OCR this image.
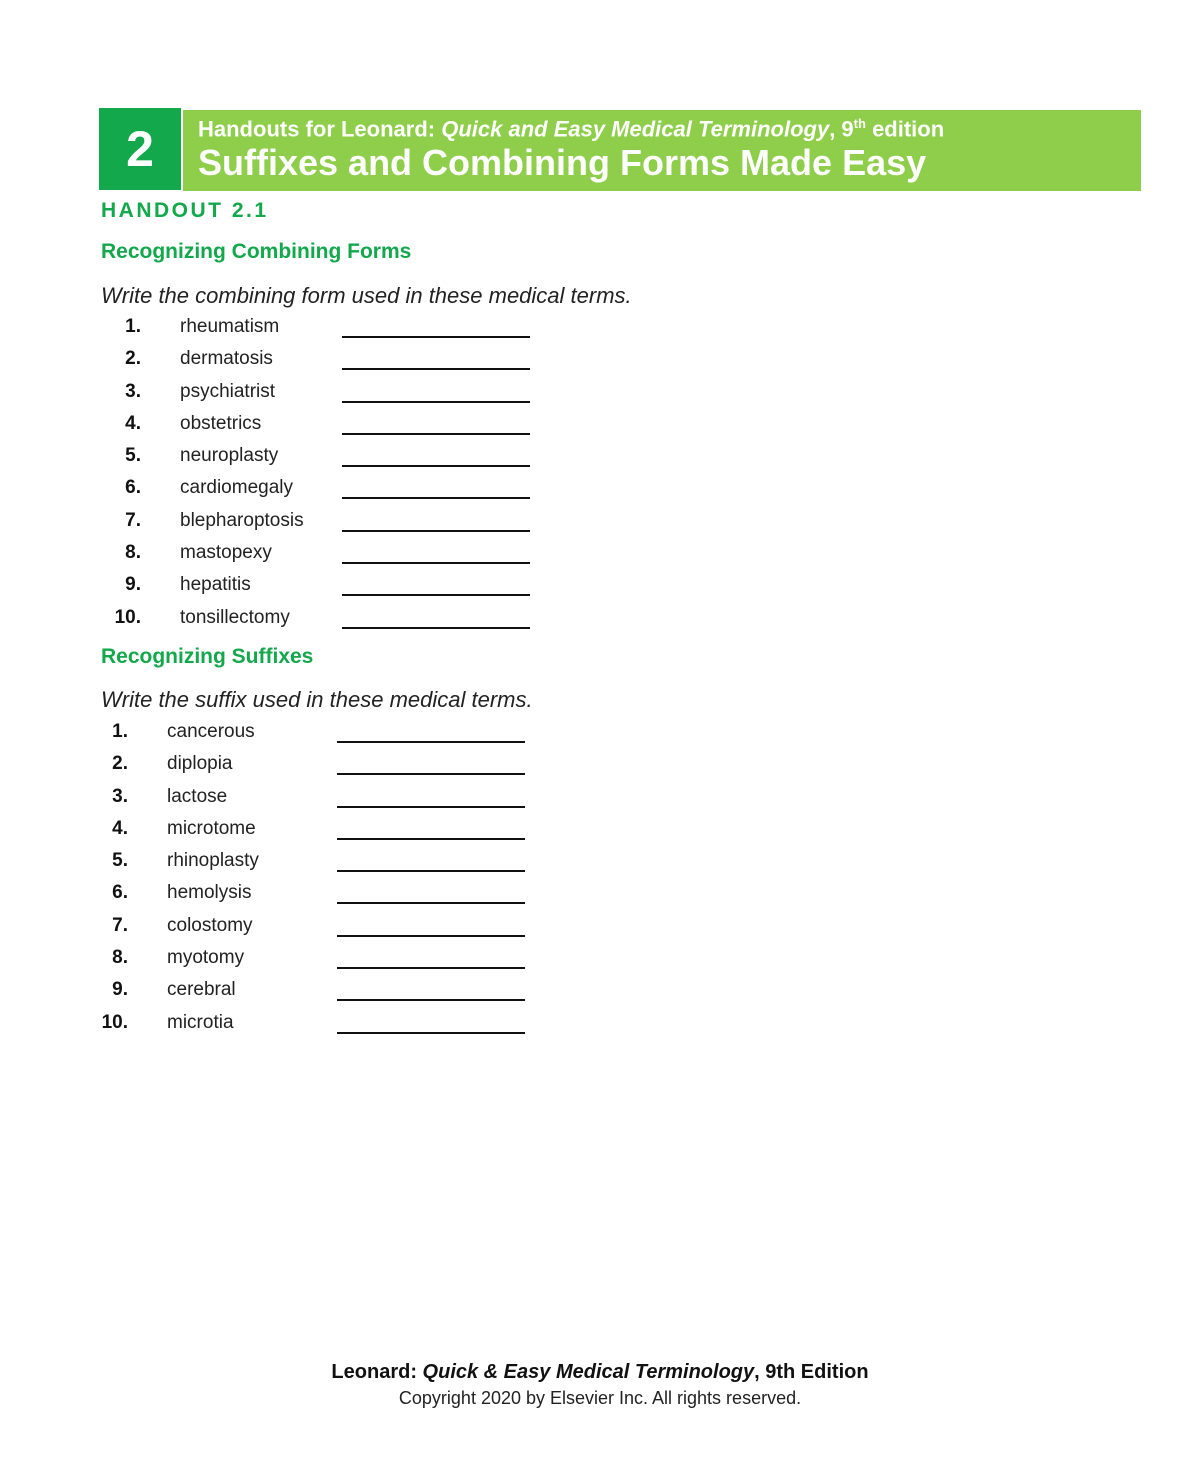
2	Handouts for Leonard: Quick and Easy Medical Terminology, 9th edition
Suffixes and Combining Forms Made Easy
HANDOUT 2.1
Recognizing Combining Forms
Write the combining form used in these medical terms.
1. rheumatism
2. dermatosis
3. psychiatrist
4. obstetrics
5. neuroplasty
6. cardiomegaly
7. blepharoptosis
8. mastopexy
9. hepatitis
10. tonsillectomy
Recognizing Suffixes
Write the suffix used in these medical terms.
1. cancerous
2. diplopia
3. lactose
4. microtome
5. rhinoplasty
6. hemolysis
7. colostomy
8. myotomy
9. cerebral
10. microtia
Leonard: Quick & Easy Medical Terminology, 9th Edition
Copyright 2020 by Elsevier Inc. All rights reserved.
